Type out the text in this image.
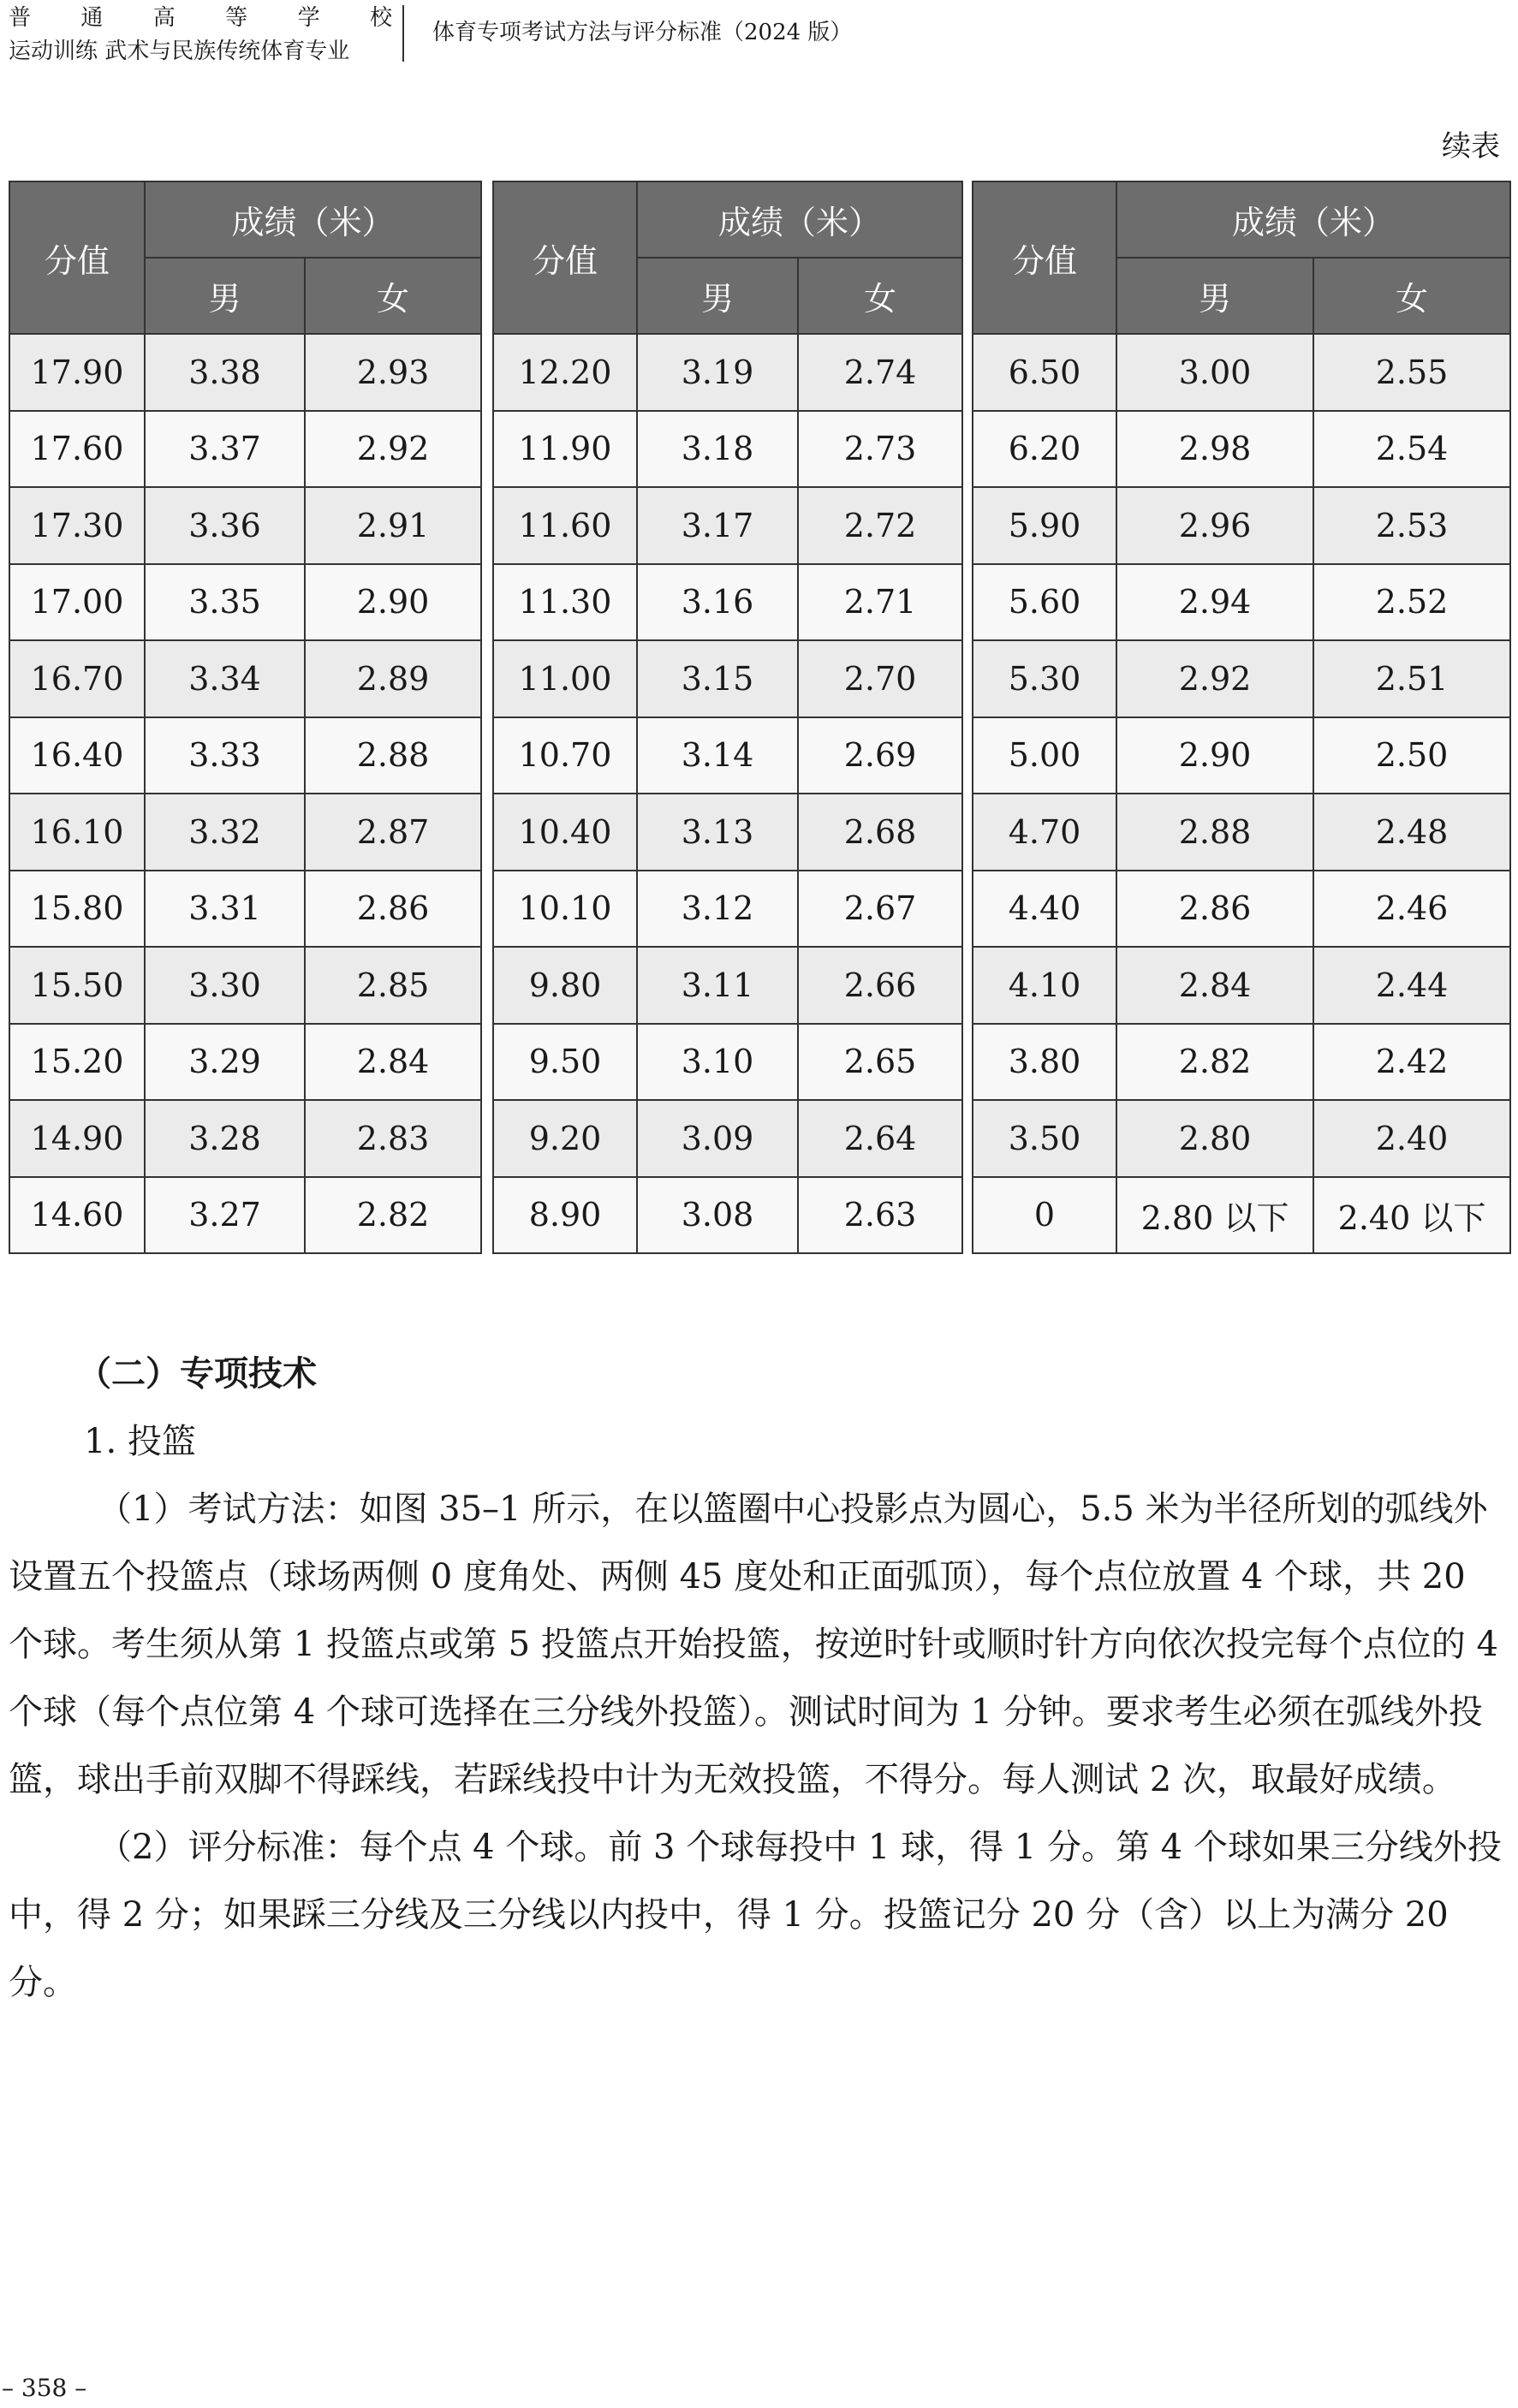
普 通 高 等 学 校
运动训练 武术与民族传统体育专业
体育专项考试方法与评分标准（2024 版）
续表
分值	成绩（米）	
	男	女
17.90	3.38	2.93
17.60	3.37	2.92
17.30	3.36	2.91
17.00	3.35	2.90
16.70	3.34	2.89
16.40	3.33	2.88
16.10	3.32	2.87
15.80	3.31	2.86
15.50	3.30	2.85
15.20	3.29	2.84
14.90	3.28	2.83
14.60	3.27	2.82
分值	成绩（米）	
	男	女
12.20	3.19	2.74
11.90	3.18	2.73
11.60	3.17	2.72
11.30	3.16	2.71
11.00	3.15	2.70
10.70	3.14	2.69
10.40	3.13	2.68
10.10	3.12	2.67
9.80	3.11	2.66
9.50	3.10	2.65
9.20	3.09	2.64
8.90	3.08	2.63
分值	成绩（米）	
	男	女
6.50	3.00	2.55
6.20	2.98	2.54
5.90	2.96	2.53
5.60	2.94	2.52
5.30	2.92	2.51
5.00	2.90	2.50
4.70	2.88	2.48
4.40	2.86	2.46
4.10	2.84	2.44
3.80	2.82	2.42
3.50	2.80	2.40
0	2.80 以下	2.40 以下

（二）专项技术

1. 投篮

（1）考试方法：如图 35–1 所示，在以篮圈中心投影点为圆心，5.5 米为半径所划的弧线外设置五个投篮点（球场两侧 0 度角处、两侧 45 度处和正面弧顶），每个点位放置 4 个球，共 20 个球。考生须从第 1 投篮点或第 5 投篮点开始投篮，按逆时针或顺时针方向依次投完每个点位的 4 个球（每个点位第 4 个球可选择在三分线外投篮）。测试时间为 1 分钟。要求考生必须在弧线外投篮，球出手前双脚不得踩线，若踩线投中计为无效投篮，不得分。每人测试 2 次，取最好成绩。

（2）评分标准：每个点 4 个球。前 3 个球每投中 1 球，得 1 分。第 4 个球如果三分线外投中，得 2 分；如果踩三分线及三分线以内投中，得 1 分。投篮记分 20 分（含）以上为满分 20 分。

– 358 –
